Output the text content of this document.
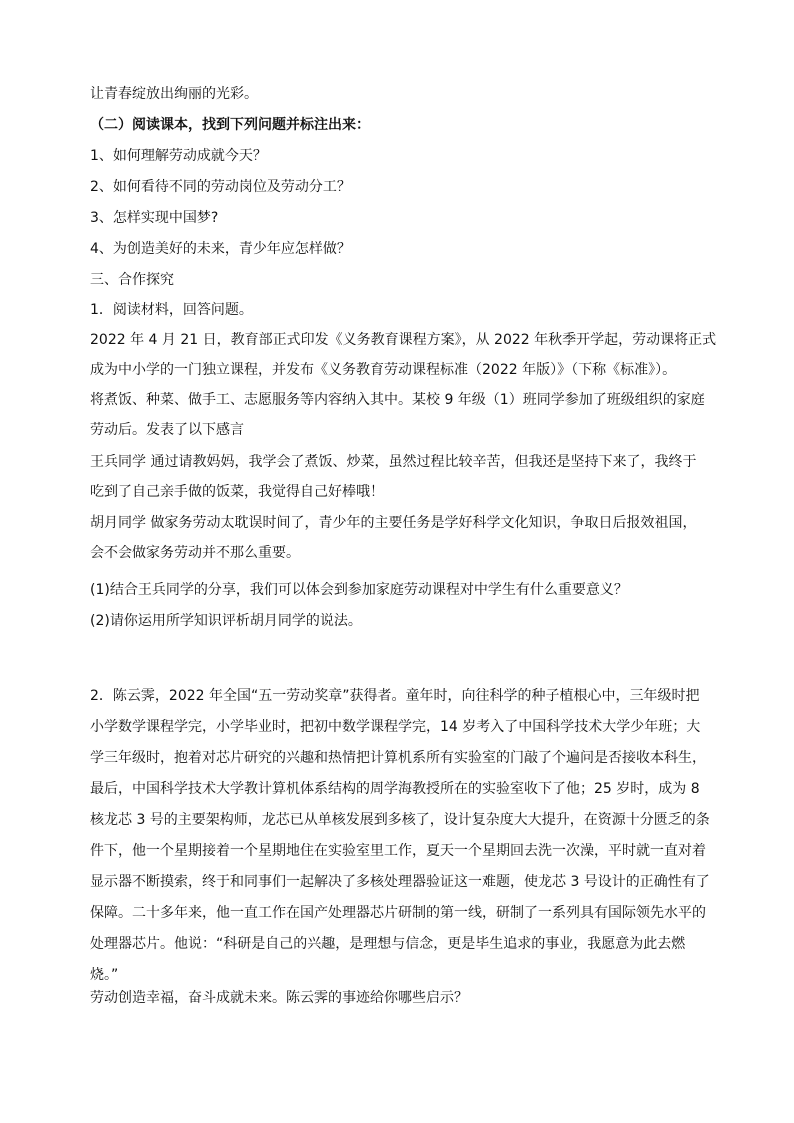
让青春绽放出绚丽的光彩。
（二）阅读课本，找到下列问题并标注出来：
1、如何理解劳动成就今天？
2、如何看待不同的劳动岗位及劳动分工？
3、怎样实现中国梦?
4、为创造美好的未来，青少年应怎样做？
三、合作探究
1．阅读材料，回答问题。
2022 年 4 月 21 日，教育部正式印发《义务教育课程方案》，从 2022 年秋季开学起，劳动课将正式
成为中小学的一门独立课程，并发布《义务教育劳动课程标准（2022 年版）》（下称《标准》）。
将煮饭、种菜、做手工、志愿服务等内容纳入其中。某校 9 年级（1）班同学参加了班级组织的家庭
劳动后。发表了以下感言
王兵同学 通过请教妈妈，我学会了煮饭、炒菜，虽然过程比较辛苦，但我还是坚持下来了，我终于
吃到了自己亲手做的饭菜，我觉得自己好棒哦！
胡月同学 做家务劳动太耽误时间了，青少年的主要任务是学好科学文化知识，争取日后报效祖国，
会不会做家务劳动并不那么重要。
(1)结合王兵同学的分享，我们可以体会到参加家庭劳动课程对中学生有什么重要意义？
(2)请你运用所学知识评析胡月同学的说法。
2．陈云霁，2022 年全国“五一劳动奖章”获得者。童年时，向往科学的种子植根心中，三年级时把
小学数学课程学完，小学毕业时，把初中数学课程学完，14 岁考入了中国科学技术大学少年班；大
学三年级时，抱着对芯片研究的兴趣和热情把计算机系所有实验室的门敲了个遍问是否接收本科生，
最后，中国科学技术大学教计算机体系结构的周学海教授所在的实验室收下了他；25 岁时，成为 8
核龙芯 3 号的主要架构师，龙芯已从单核发展到多核了，设计复杂度大大提升，在资源十分匮乏的条
件下，他一个星期接着一个星期地住在实验室里工作，夏天一个星期回去洗一次澡，平时就一直对着
显示器不断摸索，终于和同事们一起解决了多核处理器验证这一难题，使龙芯 3 号设计的正确性有了
保障。二十多年来，他一直工作在国产处理器芯片研制的第一线，研制了一系列具有国际领先水平的
处理器芯片。他说：“科研是自己的兴趣，是理想与信念，更是毕生追求的事业，我愿意为此去燃
烧。”
劳动创造幸福，奋斗成就未来。陈云霁的事迹给你哪些启示？
